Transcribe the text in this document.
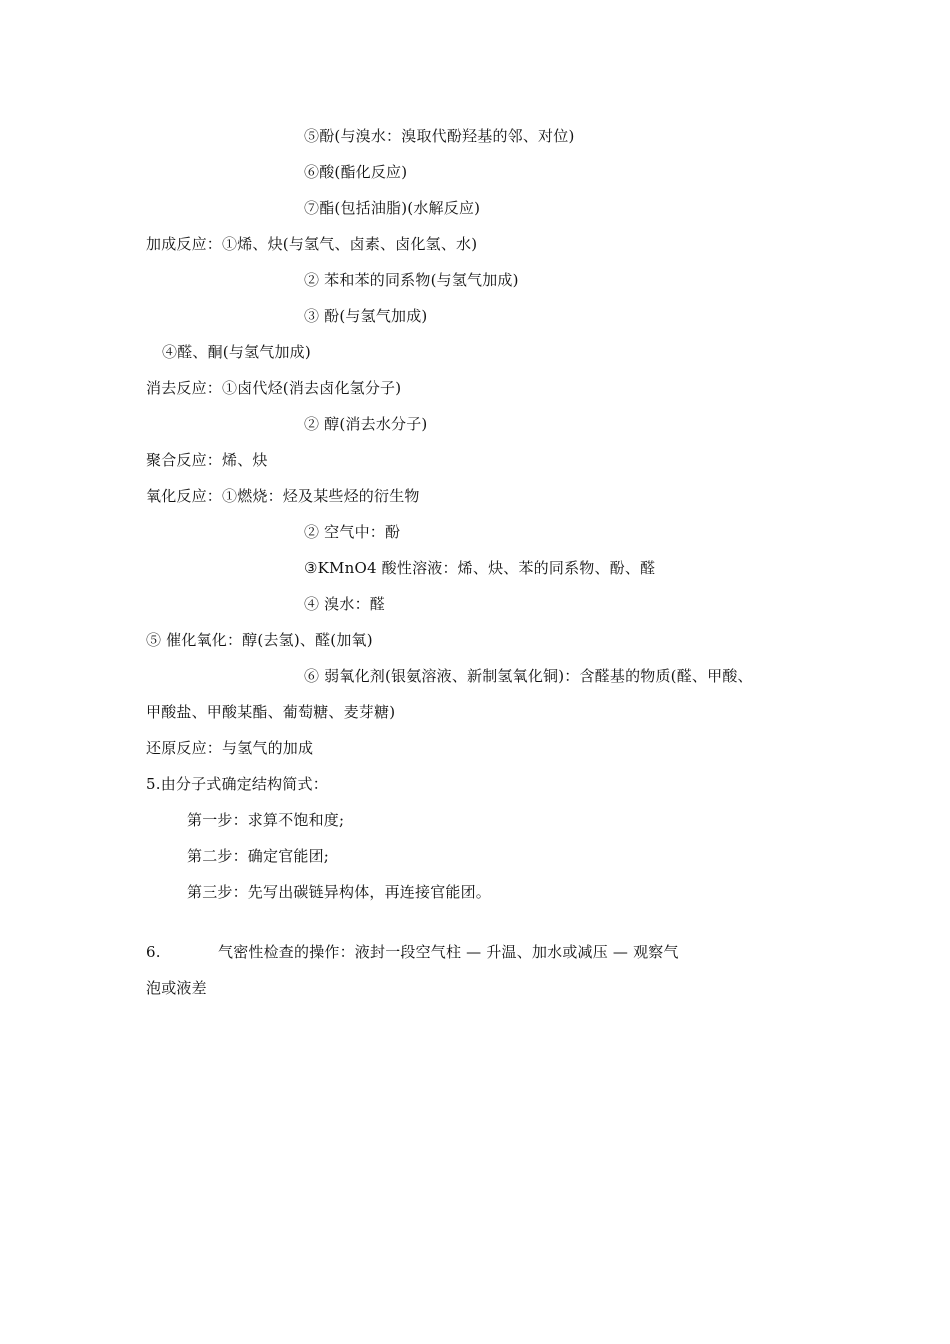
⑤酚(与溴水：溴取代酚羟基的邻、对位)
⑥酸(酯化反应)
⑦酯(包括油脂)(水解反应)
加成反应：①烯、炔(与氢气、卤素、卤化氢、水)
② 苯和苯的同系物(与氢气加成)
③ 酚(与氢气加成)
④醛、酮(与氢气加成)
消去反应：①卤代烃(消去卤化氢分子)
② 醇(消去水分子)
聚合反应：烯、炔
氧化反应：①燃烧：烃及某些烃的衍生物
② 空气中：酚
③KMnO4 酸性溶液：烯、炔、苯的同系物、酚、醛
④ 溴水：醛
⑤ 催化氧化：醇(去氢)、醛(加氧)
⑥ 弱氧化剂(银氨溶液、新制氢氧化铜)：含醛基的物质(醛、甲酸、
甲酸盐、甲酸某酯、葡萄糖、麦芽糖)
还原反应：与氢气的加成
5.由分子式确定结构简式：
第一步：求算不饱和度;
第二步：确定官能团;
第三步：先写出碳链异构体，再连接官能团。
6.	气密性检查的操作：液封一段空气柱 — 升温、加水或减压 — 观察气
泡或液差
